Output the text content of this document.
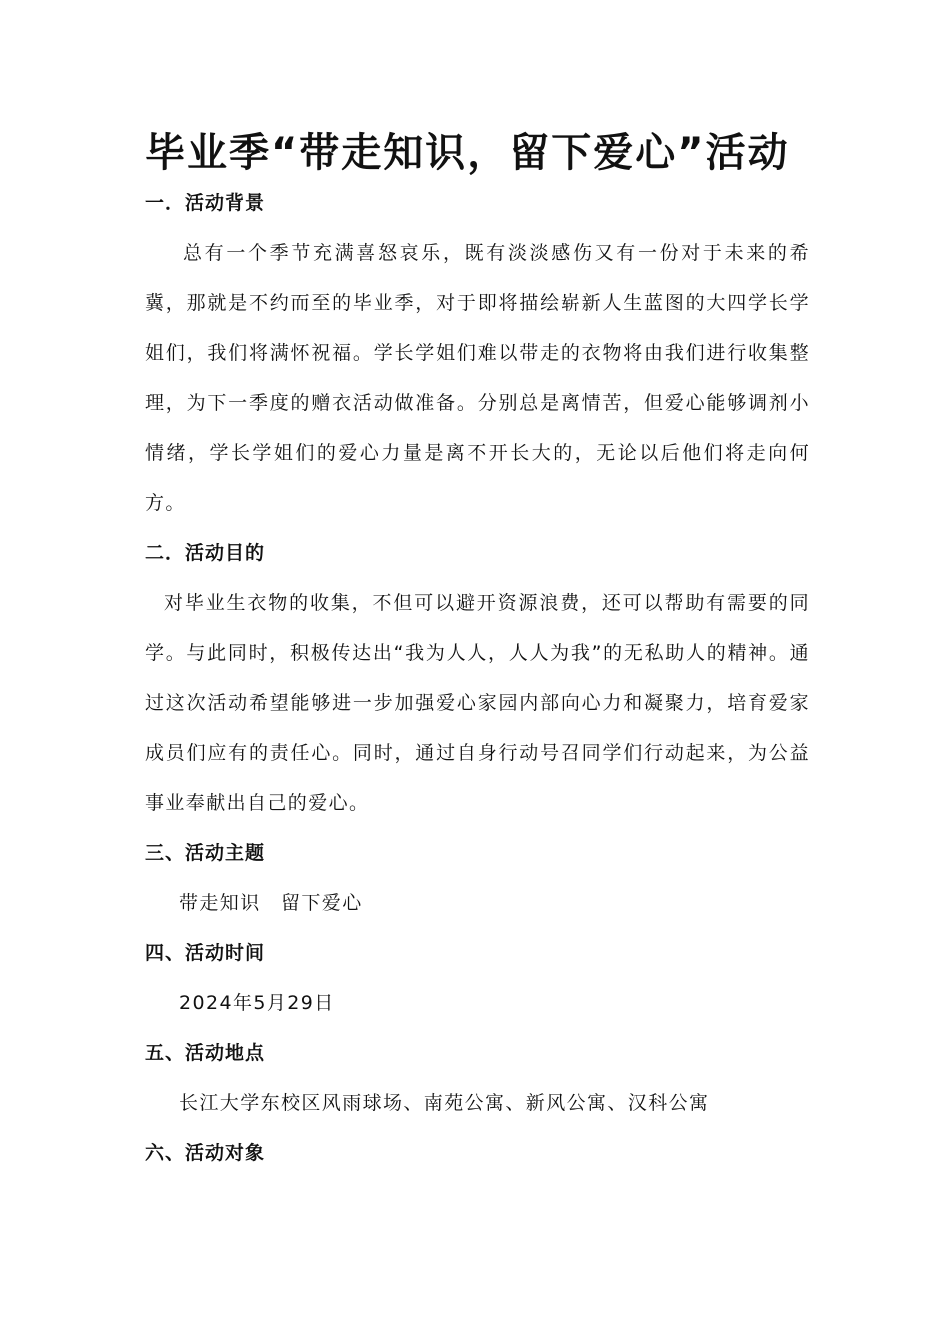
毕业季“带走知识，留下爱心”活动
一．活动背景

总有一个季节充满喜怒哀乐，既有淡淡感伤又有一份对于未来的希冀，那就是不约而至的毕业季，对于即将描绘崭新人生蓝图的大四学长学姐们，我们将满怀祝福。学长学姐们难以带走的衣物将由我们进行收集整理，为下一季度的赠衣活动做准备。分别总是离情苦，但爱心能够调剂小情绪，学长学姐们的爱心力量是离不开长大的，无论以后他们将走向何方。

二．活动目的

对毕业生衣物的收集，不但可以避开资源浪费，还可以帮助有需要的同学。与此同时，积极传达出“我为人人，人人为我”的无私助人的精神。通过这次活动希望能够进一步加强爱心家园内部向心力和凝聚力，培育爱家成员们应有的责任心。同时，通过自身行动号召同学们行动起来，为公益事业奉献出自己的爱心。

三、活动主题

带走知识　留下爱心

四、活动时间

2024年5月29日

五、活动地点

长江大学东校区风雨球场、南苑公寓、新风公寓、汉科公寓

六、活动对象
